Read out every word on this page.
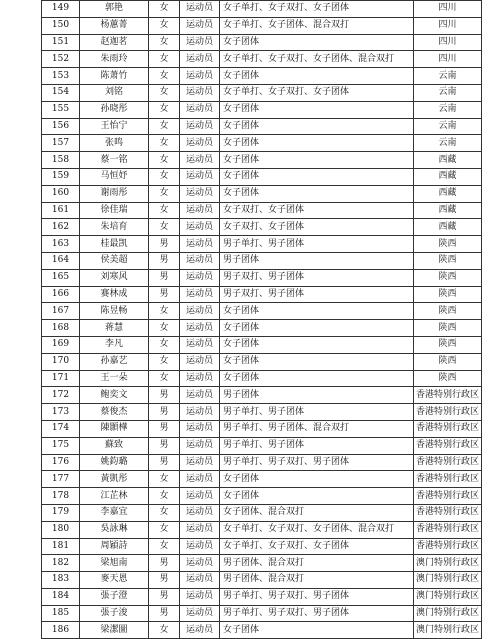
149	郭艳	女	运动员	女子单打、女子双打、女子团体	四川
150	杨蕙菁	女	运动员	女子单打、女子团体、混合双打	四川
151	赵迦茗	女	运动员	女子团体	四川
152	朱雨玲	女	运动员	女子单打、女子双打、女子团体、混合双打	四川
153	陈萧竹	女	运动员	女子团体	云南
154	刘铭	女	运动员	女子单打、女子双打、女子团体	云南
155	孙晓彤	女	运动员	女子团体	云南
156	王怡宁	女	运动员	女子团体	云南
157	张鸣	女	运动员	女子团体	云南
158	蔡一铭	女	运动员	女子团体	西藏
159	马恒妤	女	运动员	女子团体	西藏
160	谢雨彤	女	运动员	女子团体	西藏
161	徐佳瑞	女	运动员	女子双打、女子团体	西藏
162	朱培育	女	运动员	女子双打、女子团体	西藏
163	桂最凯	男	运动员	男子单打、男子团体	陕西
164	侯美超	男	运动员	男子团体	陕西
165	刘寒风	男	运动员	男子双打、男子团体	陕西
166	赛林成	男	运动员	男子双打、男子团体	陕西
167	陈昱畅	女	运动员	女子团体	陕西
168	蒋慧	女	运动员	女子团体	陕西
169	李凡	女	运动员	女子团体	陕西
170	孙嘉艺	女	运动员	女子团体	陕西
171	王一朵	女	运动员	女子团体	陕西
172	鲍奕文	男	运动员	男子团体	香港特别行政区
173	蔡俊杰	男	运动员	男子单打、男子团体	香港特别行政区
174	陳顥樺	男	运动员	男子单打、男子团体、混合双打	香港特别行政区
175	蘇致	男	运动员	男子单打、男子团体	香港特别行政区
176	姚鈞璐	男	运动员	男子单打、男子双打、男子团体	香港特别行政区
177	黃凱彤	女	运动员	女子团体	香港特别行政区
178	江芷林	女	运动员	女子团体	香港特别行政区
179	李嘉宜	女	运动员	女子团体、混合双打	香港特别行政区
180	吳詠琳	女	运动员	女子单打、女子双打、女子团体、混合双打	香港特别行政区
181	周穎詩	女	运动员	女子单打、女子双打、女子团体	香港特别行政区
182	梁旭南	男	运动员	男子团体、混合双打	澳门特别行政区
183	麥天恩	男	运动员	男子团体、混合双打	澳门特别行政区
184	張子澄	男	运动员	男子单打、男子双打、男子团体	澳门特别行政区
185	張子浚	男	运动员	男子单打、男子双打、男子团体	澳门特别行政区
186	梁潔圖	女	运动员	女子团体	澳门特别行政区
